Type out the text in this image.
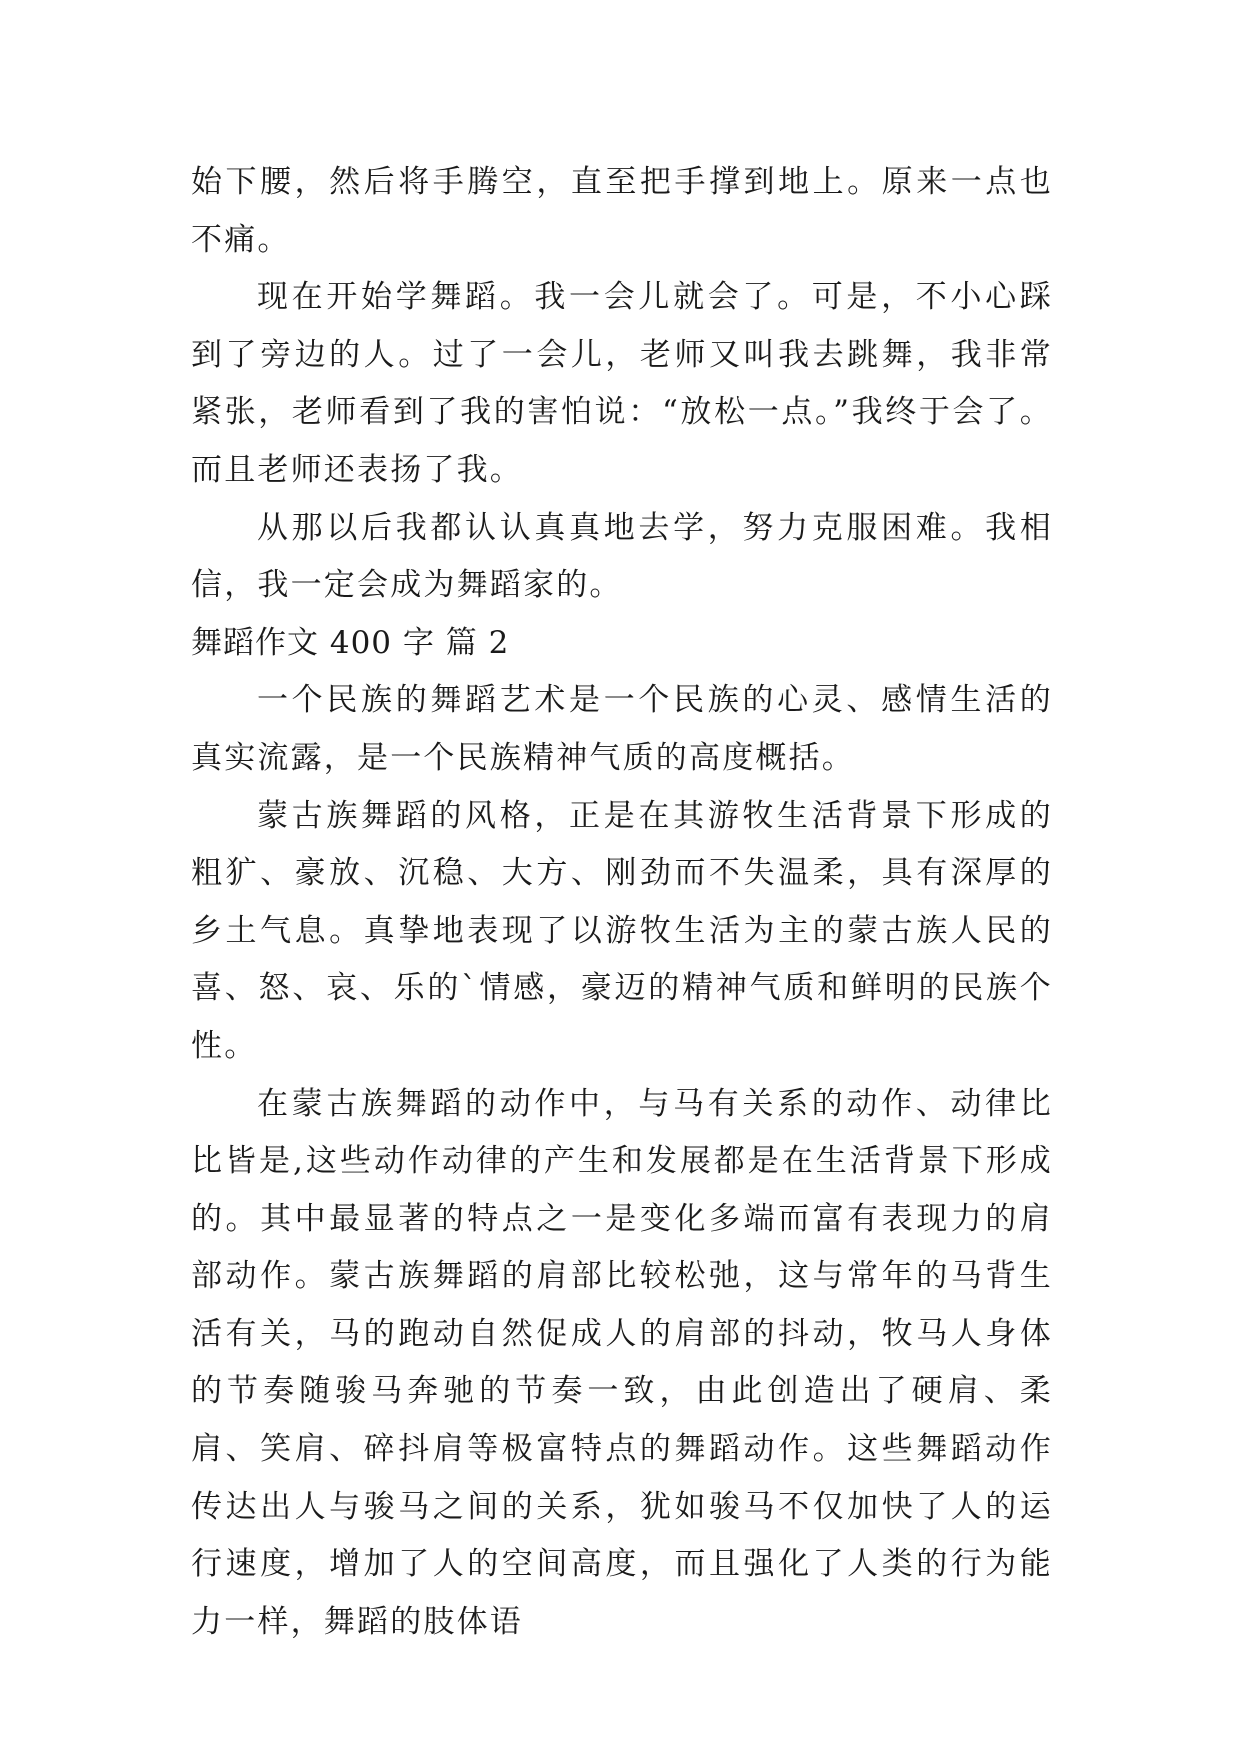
始下腰，然后将手腾空，直至把手撑到地上。原来一点也不痛。

现在开始学舞蹈。我一会儿就会了。可是，不小心踩到了旁边的人。过了一会儿，老师又叫我去跳舞，我非常紧张，老师看到了我的害怕说：“放松一点。”我终于会了。而且老师还表扬了我。

从那以后我都认认真真地去学，努力克服困难。我相信，我一定会成为舞蹈家的。

舞蹈作文 400 字 篇 2

一个民族的舞蹈艺术是一个民族的心灵、感情生活的真实流露，是一个民族精神气质的高度概括。

蒙古族舞蹈的风格，正是在其游牧生活背景下形成的粗犷、豪放、沉稳、大方、刚劲而不失温柔，具有深厚的乡土气息。真挚地表现了以游牧生活为主的蒙古族人民的喜、怒、哀、乐的`情感，豪迈的精神气质和鲜明的民族个性。

在蒙古族舞蹈的动作中，与马有关系的动作、动律比比皆是,这些动作动律的产生和发展都是在生活背景下形成的。其中最显著的特点之一是变化多端而富有表现力的肩部动作。蒙古族舞蹈的肩部比较松弛，这与常年的马背生活有关，马的跑动自然促成人的肩部的抖动，牧马人身体的节奏随骏马奔驰的节奏一致，由此创造出了硬肩、柔肩、笑肩、碎抖肩等极富特点的舞蹈动作。这些舞蹈动作传达出人与骏马之间的关系，犹如骏马不仅加快了人的运行速度，增加了人的空间高度，而且强化了人类的行为能力一样，舞蹈的肢体语
